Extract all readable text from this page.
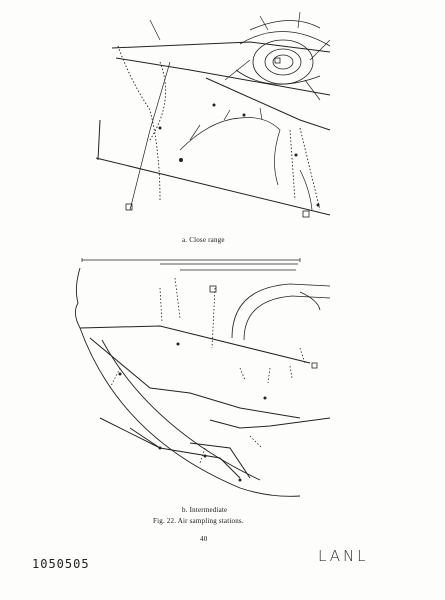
a. Close range
b. Intermediate
Fig. 22. Air sampling stations.
40
1050505	LANL
